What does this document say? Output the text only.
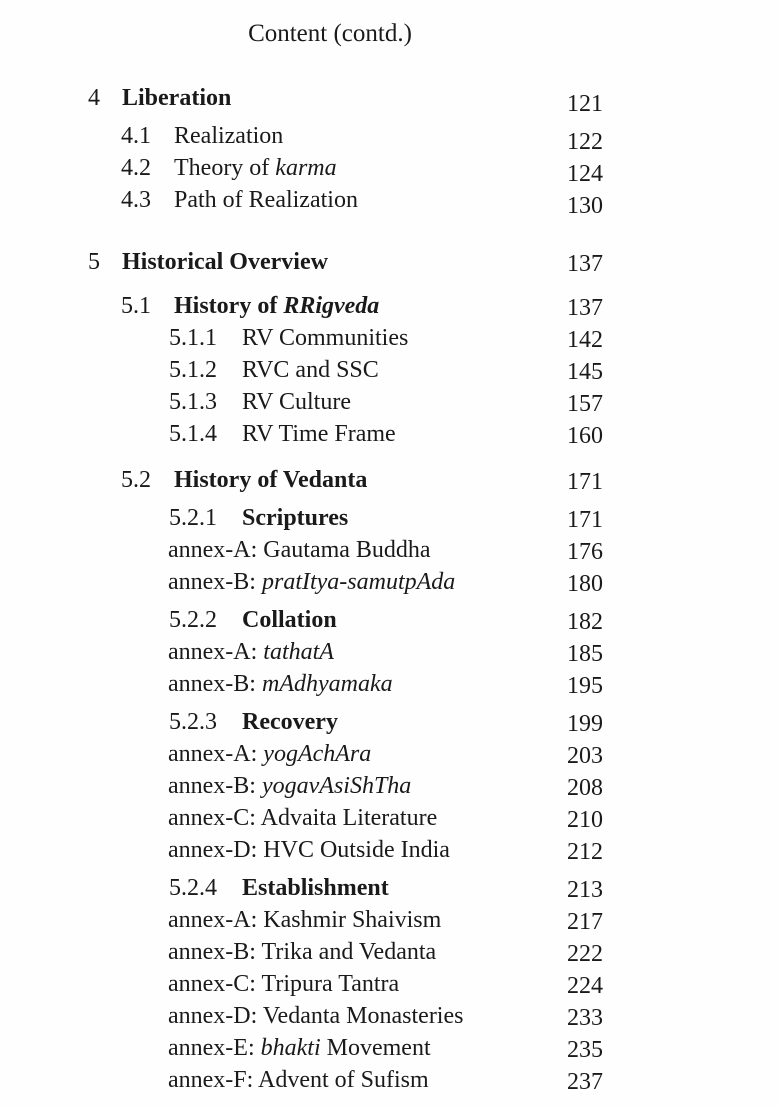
Content (contd.)
4 Liberation	121
4.1 Realization	122
4.2 Theory of karma	124
4.3 Path of Realization	130
5 Historical Overview	137
5.1 History of RRigveda	137
5.1.1 RV Communities	142
5.1.2 RVC and SSC	145
5.1.3 RV Culture	157
5.1.4 RV Time Frame	160
5.2 History of Vedanta	171
5.2.1 Scriptures	171
annex-A: Gautama Buddha	176
annex-B: pratItya-samutpAda	180
5.2.2 Collation	182
annex-A: tathatA	185
annex-B: mAdhyamaka	195
5.2.3 Recovery	199
annex-A: yogAchAra	203
annex-B: yogavAsiShTha	208
annex-C: Advaita Literature	210
annex-D: HVC Outside India	212
5.2.4 Establishment	213
annex-A: Kashmir Shaivism	217
annex-B: Trika and Vedanta	222
annex-C: Tripura Tantra	224
annex-D: Vedanta Monasteries	233
annex-E: bhakti Movement	235
annex-F: Advent of Sufism	237
